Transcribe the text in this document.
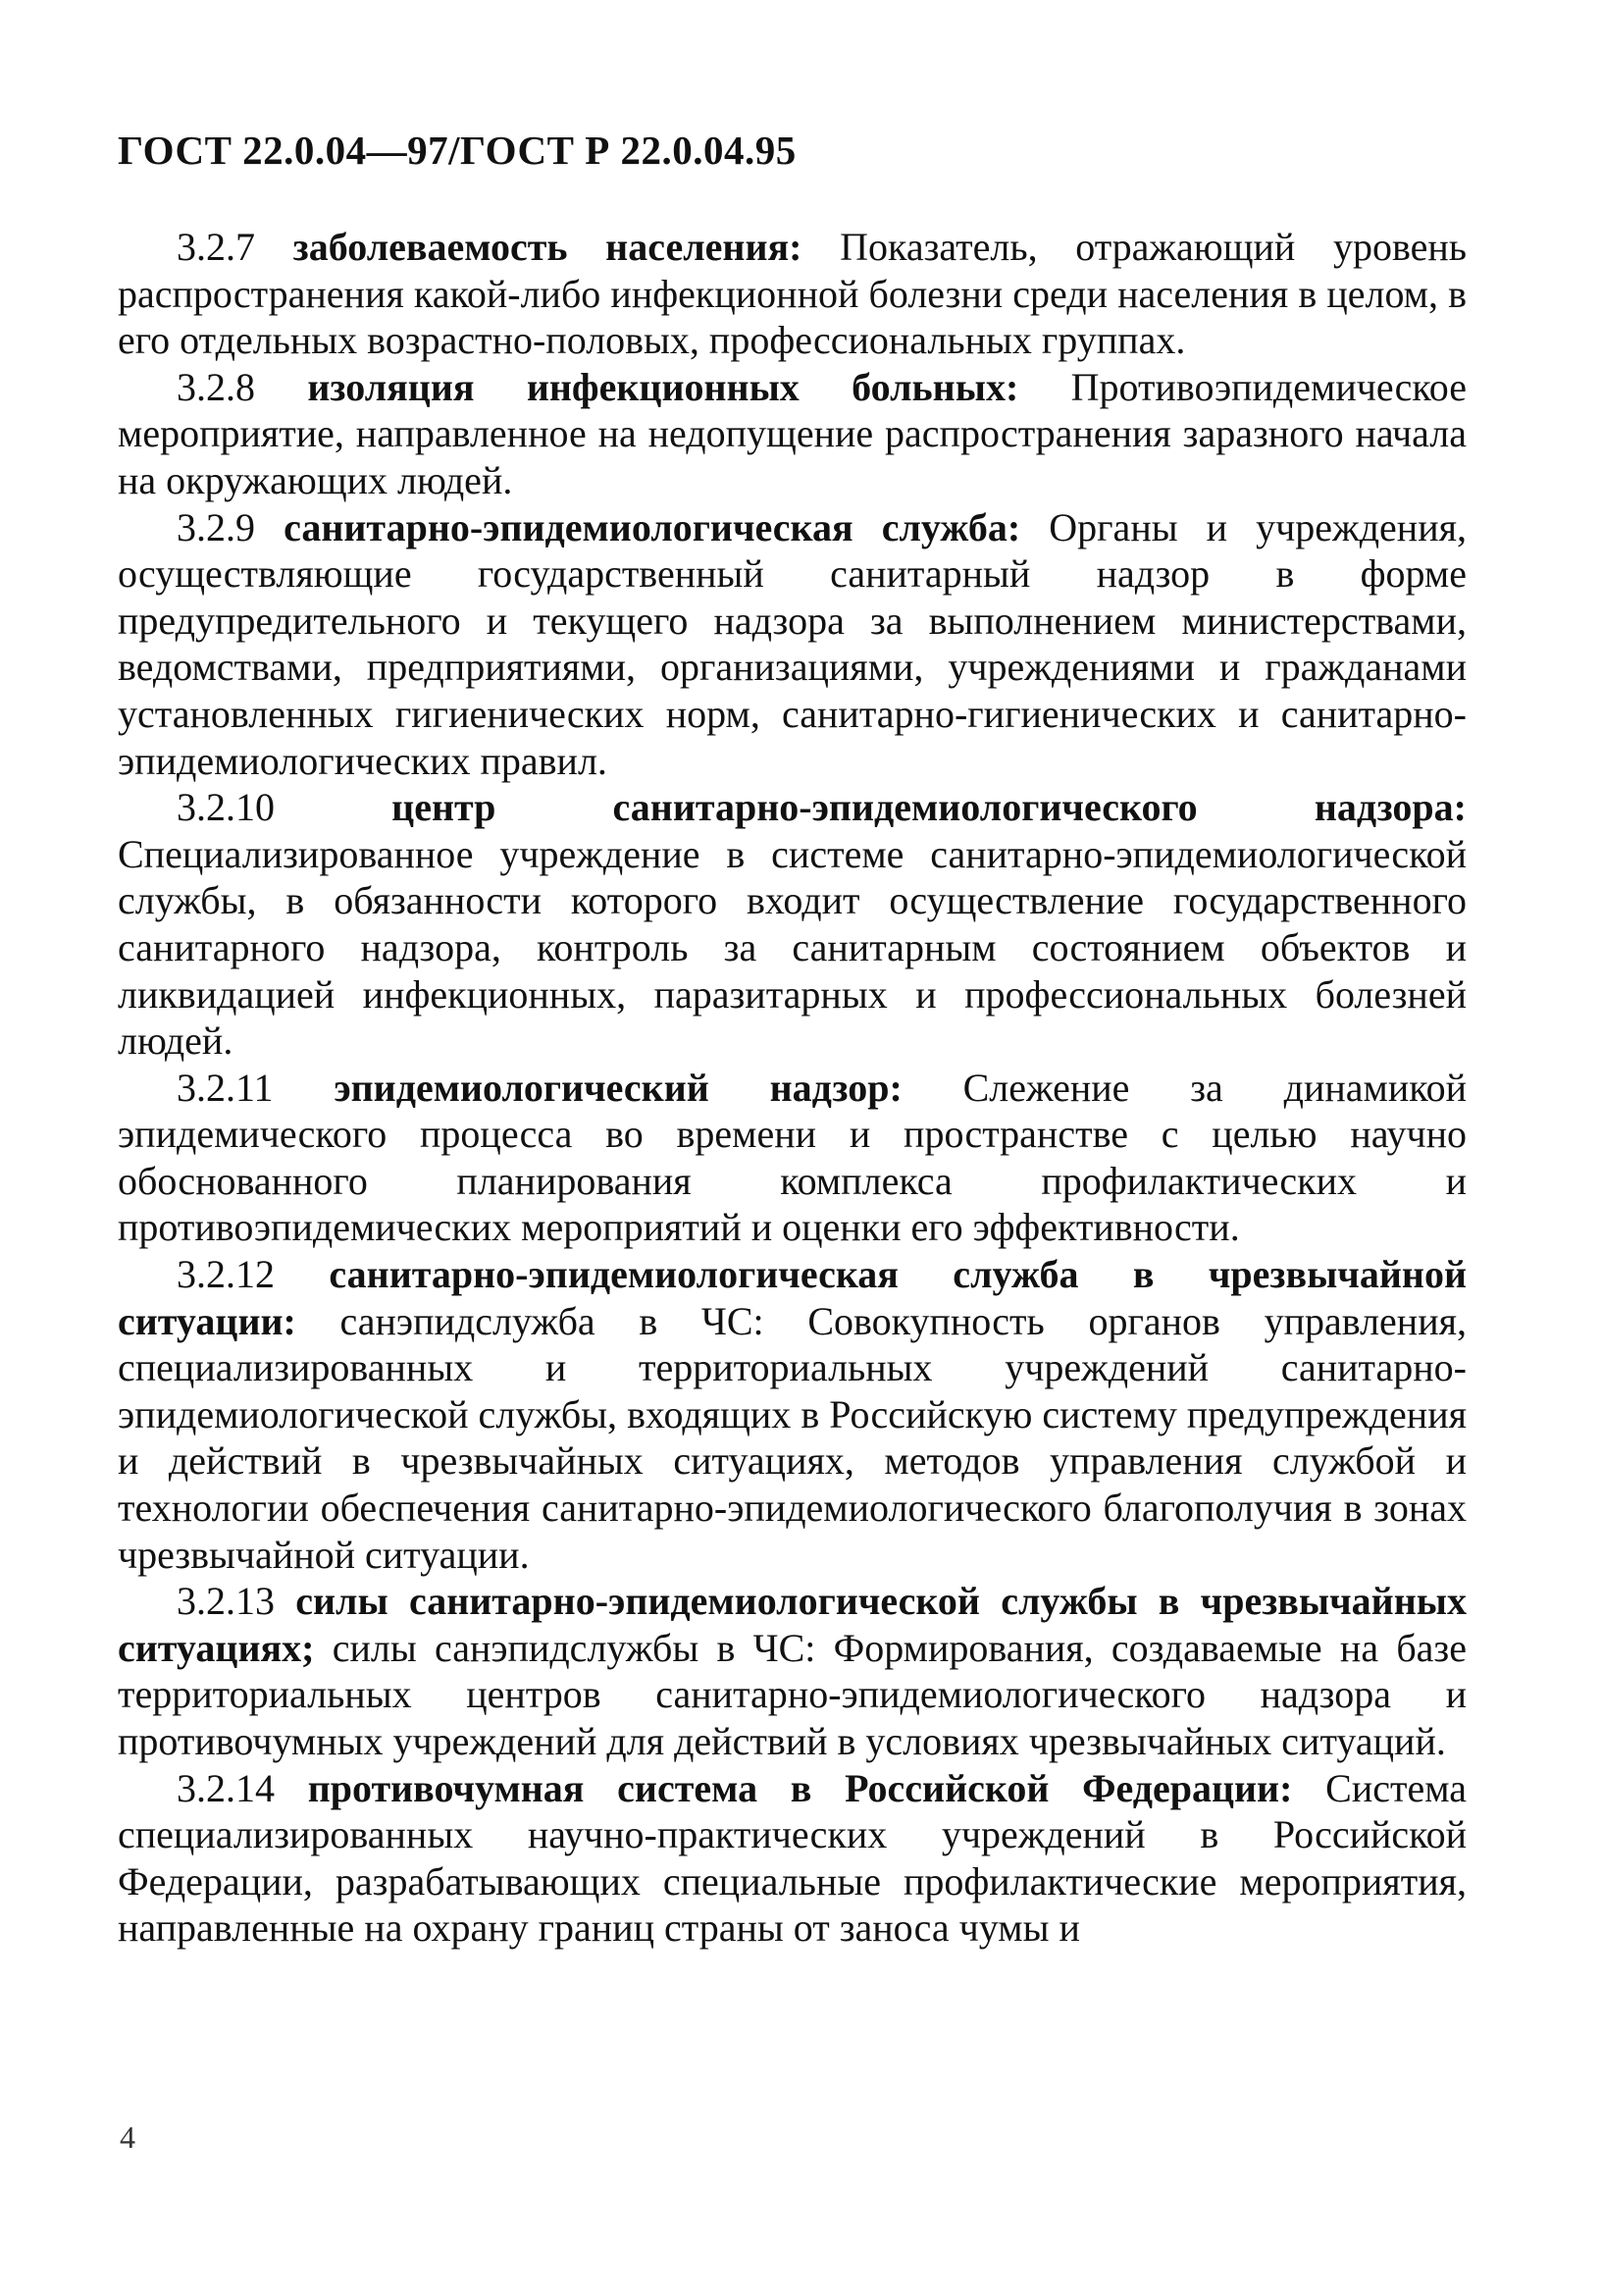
ГОСТ 22.0.04—97/ГОСТ Р 22.0.04.95

3.2.7 заболеваемость населения: Показатель, отражающий уровень распространения какой-либо инфекционной болезни среди населения в целом, в его отдельных возрастно-половых, профессиональных группах.

3.2.8 изоляция инфекционных больных: Противоэпидемическое мероприятие, направленное на недопущение распространения заразного начала на окружающих людей.

3.2.9 санитарно-эпидемиологическая служба: Органы и учреждения, осуществляющие государственный санитарный надзор в форме предупредительного и текущего надзора за выполнением министерствами, ведомствами, предприятиями, организациями, учреждениями и гражданами установленных гигиенических норм, санитарно-гигиенических и санитарно-эпидемиологических правил.

3.2.10	центр санитарно-эпидемиологического надзора: Специализированное учреждение в системе санитарно-эпидемиологической службы, в обязанности которого входит осуществление государственного санитарного надзора, контроль за санитарным состоянием объектов и ликвидацией инфекционных, паразитарных и профессиональных болезней людей.

3.2.11 эпидемиологический надзор: Слежение за динамикой эпидемического процесса во времени и пространстве с целью научно обоснованного планирования комплекса профилактических и противоэпидемических мероприятий и оценки его эффективности.

3.2.12 санитарно-эпидемиологическая служба в чрезвычайной ситуации: санэпидслужба в ЧС: Совокупность органов управления, специализированных и территориальных учреждений санитарно-эпидемиологической службы, входящих в Российскую систему предупреждения и действий в чрезвычайных ситуациях, методов управления службой и технологии обеспечения санитарно-эпидемиологического благополучия в зонах чрезвычайной ситуации.

3.2.13 силы санитарно-эпидемиологической службы в чрезвычайных ситуациях; силы санэпидслужбы в ЧС: Формирования, создаваемые на базе территориальных центров санитарно-эпидемиологического надзора и противочумных учреждений для действий в условиях чрезвычайных ситуаций.

3.2.14 противочумная система в Российской Федерации: Система специализированных научно-практических учреждений в Российской Федерации, разрабатывающих специальные профилактические мероприятия, направленные на охрану границ страны от заноса чумы и

4
